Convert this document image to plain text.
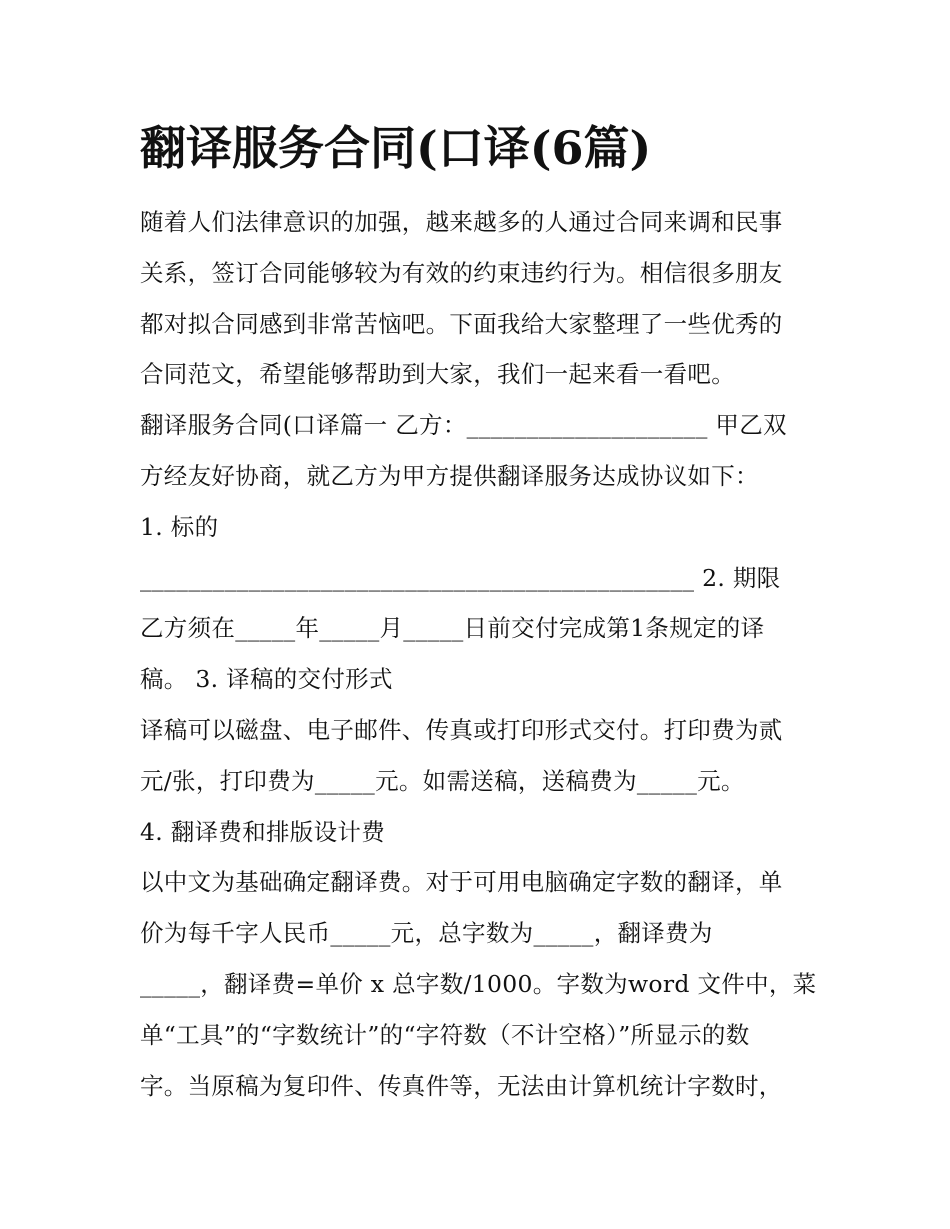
翻译服务合同(口译(6篇)
随着人们法律意识的加强，越来越多的人通过合同来调和民事
关系，签订合同能够较为有效的约束违约行为。相信很多朋友
都对拟合同感到非常苦恼吧。下面我给大家整理了一些优秀的
合同范文，希望能够帮助到大家，我们一起来看一看吧。
翻译服务合同(口译篇一 乙方：____________________ 甲乙双
方经友好协商，就乙方为甲方提供翻译服务达成协议如下：
1. 标的
______________________________________________ 2. 期限
乙方须在_____年_____月_____日前交付完成第1条规定的译
稿。 3. 译稿的交付形式
译稿可以磁盘、电子邮件、传真或打印形式交付。打印费为贰
元/张，打印费为_____元。如需送稿，送稿费为_____元。
4. 翻译费和排版设计费
以中文为基础确定翻译费。对于可用电脑确定字数的翻译，单
价为每千字人民币_____元，总字数为_____，翻译费为
_____，翻译费=单价 x 总字数/1000。字数为word 文件中，菜
单“工具”的“字数统计”的“字符数（不计空格）”所显示的数
字。当原稿为复印件、传真件等，无法由计算机统计字数时，
